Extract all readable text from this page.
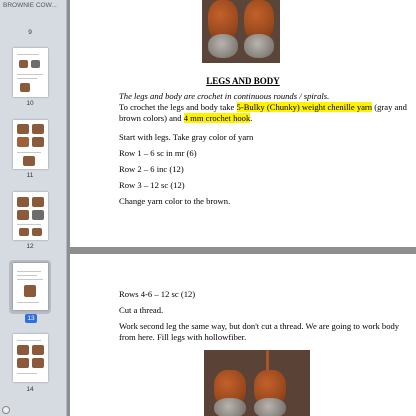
BROWNIE COW...
9
10
11
12
13
14
LEGS AND BODY
The legs and body are crochet in continuous rounds / spirals.
To crochet the legs and body take 5-Bulky (Chunky) weight chenille yarn (gray and brown colors) and 4 mm crochet hook.
Start with legs. Take gray color of yarn
Row 1 – 6 sc in mr (6)
Row 2 – 6 inc (12)
Row 3 – 12 sc (12)
Change yarn color to the brown.
Rows 4-6 – 12 sc (12)
Cut a thread.
Work second leg the same way, but don't cut a thread. We are going to work body from here. Fill legs with hollowfiber.
